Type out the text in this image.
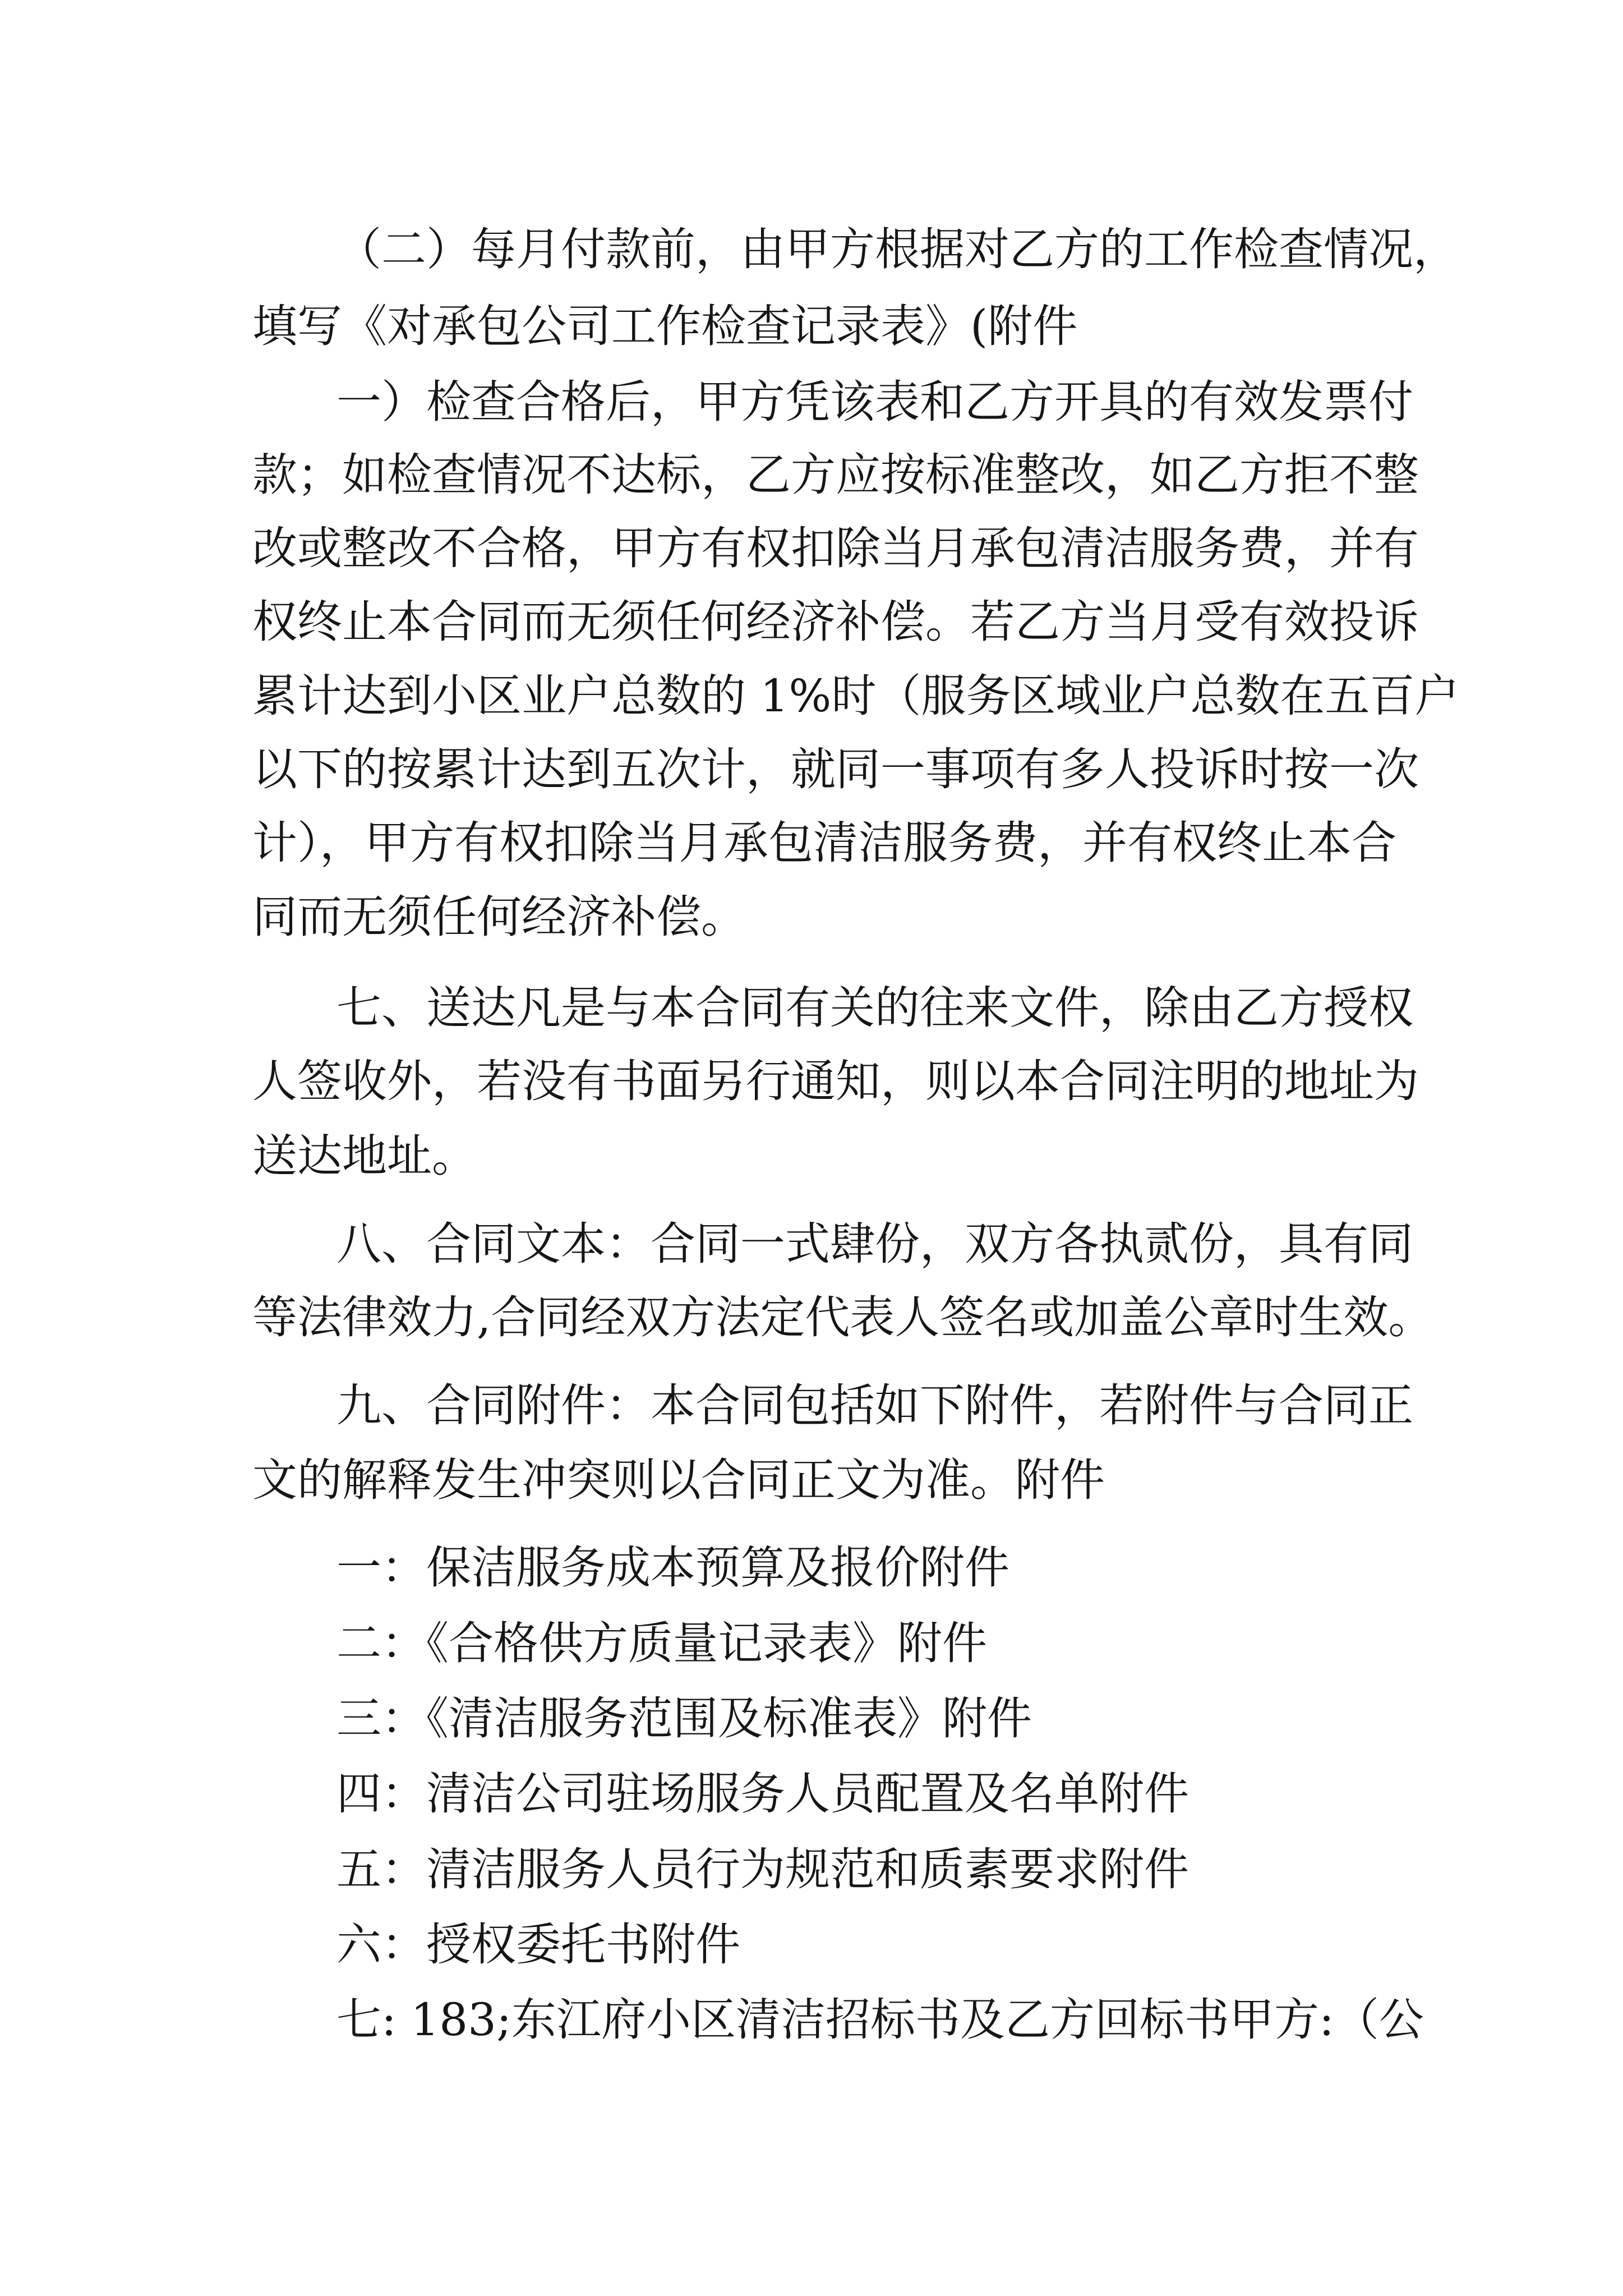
（二）每月付款前，由甲方根据对乙方的工作检查情况，
填写《对承包公司工作检查记录表》(附件
一）检查合格后，甲方凭该表和乙方开具的有效发票付
款；如检查情况不达标，乙方应按标准整改，如乙方拒不整
改或整改不合格，甲方有权扣除当月承包清洁服务费，并有
权终止本合同而无须任何经济补偿。若乙方当月受有效投诉
累计达到小区业户总数的 1%时（服务区域业户总数在五百户
以下的按累计达到五次计，就同一事项有多人投诉时按一次
计），甲方有权扣除当月承包清洁服务费，并有权终止本合
同而无须任何经济补偿。
七、送达凡是与本合同有关的往来文件，除由乙方授权
人签收外，若没有书面另行通知，则以本合同注明的地址为
送达地址。
八、合同文本：合同一式肆份，双方各执贰份，具有同
等法律效力,合同经双方法定代表人签名或加盖公章时生效。
九、合同附件：本合同包括如下附件，若附件与合同正
文的解释发生冲突则以合同正文为准。附件
一：保洁服务成本预算及报价附件
二：《合格供方质量记录表》附件
三：《清洁服务范围及标准表》附件
四：清洁公司驻场服务人员配置及名单附件
五：清洁服务人员行为规范和质素要求附件
六：授权委托书附件
七: 183;东江府小区清洁招标书及乙方回标书甲方:（公
